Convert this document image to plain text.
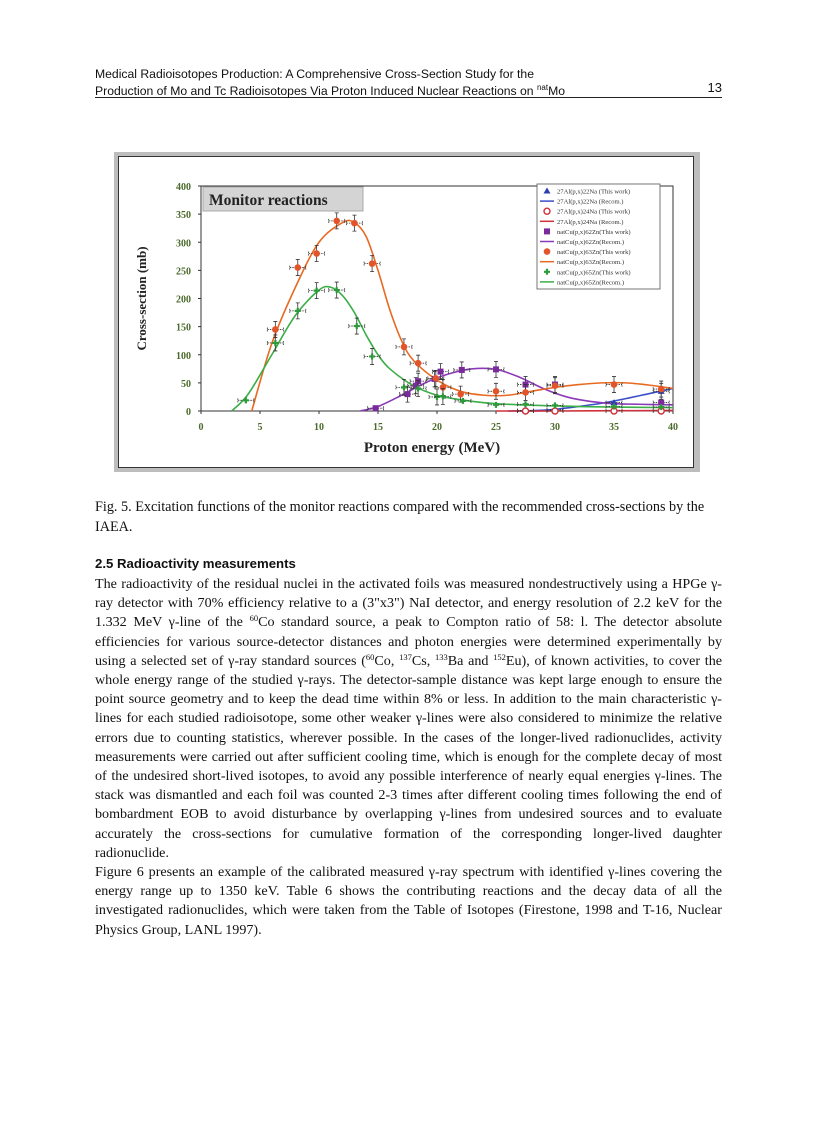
Medical Radioisotopes Production: A Comprehensive Cross-Section Study for the
Production of Mo and Tc Radioisotopes Via Proton Induced Nuclear Reactions on $^{nat}$Mo	13
0	5	10	15	20	25	30	35	40
0
50
100
150
200
250
300
350
400
Proton energy (MeV)
Cross-section (mb)
Monitor reactions	27Al(p,x)22Na (This work)
27Al(p,x)22Na (Recom.)
27Al(p,x)24Na (This work)
27Al(p,x)24Na (Recom.)
natCu(p,x)62Zn(This work)
natCu(p,x)62Zn(Recom.)
natCu(p,x)63Zn(This work)
natCu(p,x)63Zn(Recom.)
natCu(p,x)65Zn(This work)
natCu(p,x)65Zn(Recom.)
Fig. 5. Excitation functions of the monitor reactions compared with the recommended cross-sections by the IAEA.
2.5 Radioactivity measurements

The radioactivity of the residual nuclei in the activated foils was measured nondestructively using a HPGe γ-ray detector with 70% efficiency relative to a (3"x3") NaI detector, and energy resolution of 2.2 keV for the 1.332 MeV γ-line of the $^{60}$Co standard source, a peak to Compton ratio of 58: l. The detector absolute efficiencies for various source-detector distances and photon energies were determined experimentally by using a selected set of γ-ray standard sources ($^{60}$Co, $^{137}$Cs, $^{133}$Ba and $^{152}$Eu), of known activities, to cover the whole energy range of the studied γ-rays. The detector-sample distance was kept large enough to ensure the point source geometry and to keep the dead time within 8% or less. In addition to the main characteristic γ-lines for each studied radioisotope, some other weaker γ-lines were also considered to minimize the relative errors due to counting statistics, wherever possible. In the cases of the longer-lived radionuclides, activity measurements were carried out after sufficient cooling time, which is enough for the complete decay of most of the undesired short-lived isotopes, to avoid any possible interference of nearly equal energies γ-lines. The stack was dismantled and each foil was counted 2-3 times after different cooling times following the end of bombardment EOB to avoid disturbance by overlapping γ-lines from undesired sources and to evaluate accurately the cross-sections for cumulative formation of the corresponding longer-lived daughter radionuclide.

Figure 6 presents an example of the calibrated measured γ-ray spectrum with identified γ-lines covering the energy range up to 1350 keV. Table 6 shows the contributing reactions and the decay data of all the investigated radionuclides, which were taken from the Table of Isotopes (Firestone, 1998 and T-16, Nuclear Physics Group, LANL 1997).
